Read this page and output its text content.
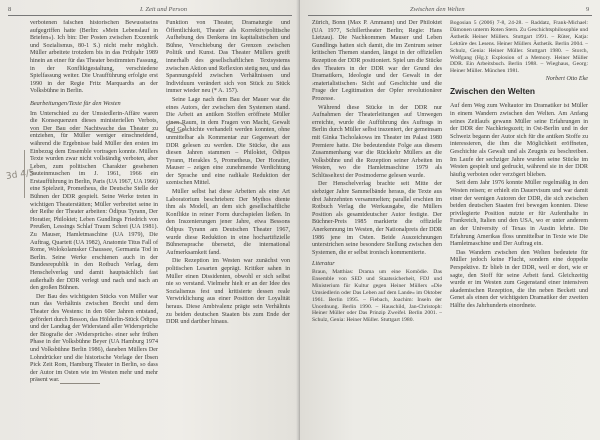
8	I. Zeit und Person

verbotenen falschen historischen Bewusstseins aufgegriffen hatte (Berlin: »Mein Lebenslauf in Briefen«). Ich bin: Der Posten zwischen Exzentrik und Sozialismus, 80-1 S.) nicht mehr möglich. Müller arbeitete trotzdem bis in das Frühjahr 1989 hinein an einer für das Theater bestimmten Fassung, in der Konfliktgestaltung, verschiedene Spielfassung weiter. Die Uraufführung erfolgte erst 1990 in der Regie Fritz Marquardts an der Volksbühne in Berlin.

Bearbeitungen/Texte für den Westen

Im Unterschied zu der Umsiedlerin-Affäre waren die Konsequenzen dieses ministeriellen Verbots, von Der Bau oder Nachtwache das Theater zu entziehen, für Müller weniger einschneidend, während die Ergebnisse bald Müller den ersten im Einbezug dem Ensemble vortragen konnte. Müllers Texte wurden zwar nicht vollständig verboten, aber Leben, zum politischen Charakter gesehenen Sauteinmuschen im J. 1961, 1966 ein Erstaufführung in Berlin, Paris (UA 1967, UA 1966) eine Spielzeit, Prometheus, die Deutsche Stelle der Bühnen der DDR gespielt. Seine Werke treten in wichtigen Theaterstätten; Müller verbreitet seine in der Reihe der Theater arbeiten: Ödipus Tyrann, Der Horatier, Philoktet; Leben Gundlings Friedrich von Preußen, Lessings Schlaf Traum Schrei (UA 1981). Zu Mauser, Hamletmaschine (UA 1979), Die Auftrag, Quartett (UA 1982), Anatomie Titus Fall of Rome, Wolokolamsker Chaussee, Germania Tod in Berlin. Seine Werke erschienen auch in der Bundesrepublik in den Rotbuch Verlag, dem Henschelverlag und damit hauptsächlich fast außerhalb der DDR verlegt und nach und nach an den großen Bühnen.

Der Bau des wichtigsten Stücks von Müller war nun das Verhältnis zwischen Brecht und dem Theater des Westens: in den 60er Jahren entstand, gefördert durch Besson, das Hölderlin-Stück Ödipus und der Landtag der Widerstand aller Widersprüche der Biografie der ›Widersprüche‹ einer sehr frühen Phase in der Volksbühne Beyer (UA Hamburg 1974 und Volksbühne Berlin 1986), daneben Müllers Der Lohndrücker und die historische Vorlage der Ibsen Pick Zeit Rom, Hamburg Theater in Berlin, so dass der Autor im Osten wie im Westen mehr und mehr präsent war.

Funktion von Theater, Dramaturgie und Öffentlichkeit, Theater als Korrektiv/politische Aufhebung des Denkens im kapitalistischen und Bühne, Verschiebung der Grenzen zwischen Politik und Kunst. Das Theater Müllers greift innerhalb des gesellschaftlichen Textsystems zwischen Aktion und Reflexion stetig neu, und das Spannungsfeld zwischen Verhältnissen und Individuum verändert sich von Stück zu Stück immer wieder neu (* A. 157).

Seine Lage nach dem Bau der Mauer war die eines Autors, der zwischen den Systemen stand. Die Arbeit an antiken Stoffen eröffnete Müller einen Raum, in dem Fragen von Macht, Gewalt und Geschichte verhandelt werden konnten, ohne unmittelbar als Kommentar zur Gegenwart der DDR gelesen zu werden. Die Stücke, die aus diesen Jahren stammen – Philoktet, Ödipus Tyrann, Herakles 5, Prometheus, Der Horatier, Mauser – zeigen eine zunehmende Verdichtung der Sprache und eine radikale Reduktion der szenischen Mittel.

Müller selbst hat diese Arbeiten als eine Art Laboratorium beschrieben: Der Mythos diente ihm als Modell, an dem sich gesellschaftliche Konflikte in reiner Form durchspielen ließen. In den Inszenierungen jener Jahre, etwa Bessons Ödipus Tyrann am Deutschen Theater 1967, wurde diese Reduktion in eine hochartifizielle Bühnensprache übersetzt, die international Aufmerksamkeit fand.

Die Rezeption im Westen war zunächst von politischen Lesarten geprägt. Kritiker sahen in Müller einen Dissidenten, obwohl er sich selbst nie so verstand. Vielmehr hielt er an der Idee des Sozialismus fest und kritisierte dessen reale Verwirklichung aus einer Position der Loyalität heraus. Diese Ambivalenz prägte sein Verhältnis zu beiden deutschen Staaten bis zum Ende der DDR und darüber hinaus.

3d 4/5
Zwischen den Welten	9

Zürich, Bonn (Max P. Ammann) und Der Philoktet (UA 1977, Schillertheater Berlin; Regie: Hans Lietzau). Die Nachkommen Mauser und Leben Gundlings hatten sich damit, die im Zentrum seiner kritischen Themen standen, längst in der offiziellen Rezeption der DDR positioniert. Spiel um die Stücke des Theaters in der DDR war der Grund des Dramatikers, Ideologie und der Gewalt in der ›materialistischen‹ Sicht auf Geschichte und die Frage der Legitimation der Opfer revolutionärer Prozesse.

Während diese Stücke in der DDR nur Aufnahmen der Theaterleitungen auf Umwegen erreichte, wurde die Aufführung des Auftrags in Berlin durch Müller selbst inszeniert, der gemeinsam mit Ginka Tscholakowa im Theater im Palast 1980 Premiere hatte. Die bedeutendste Folge aus diesem Zusammenhang war die Rückkehr Müllers an die Volksbühne und die Rezeption seiner Arbeiten im Westen, wo die Hamletmaschine 1979 als Schlüsseltext der Postmoderne gelesen wurde.

Der Henschelverlag brachte seit Mitte der siebziger Jahre Sammelbände heraus, die Texte aus drei Jahrzehnten versammelten; parallel erschien im Rotbuch Verlag die Werkausgabe, die Müllers Position als gesamtdeutscher Autor festigte. Der Büchner-Preis 1985 markierte die offizielle Anerkennung im Westen, der Nationalpreis der DDR 1986 jene im Osten. Beide Auszeichnungen unterstrichen seine besondere Stellung zwischen den Systemen, die er selbst ironisch kommentierte.

Literatur

Braun, Matthias: Drama um eine Komödie. Das Ensemble von SED und Staatssicherheit, FDJ und Ministerium für Kultur gegen Heiner Müllers »Die Umsiedlerin oder Das Leben auf dem Lande« im Oktober 1961. Berlin 1995. – Fiebach, Joachim: Inseln der Unordnung. Berlin 1990. – Hauschild, Jan-Christoph: Heiner Müller oder Das Prinzip Zweifel. Berlin 2001. – Schulz, Genia: Heiner Müller. Stuttgart 1980.

Bogosian 5 (2006) 7-8, 24-28. – Raddatz, Frank-Michael: Dämonen unterm Roten Stern. Zu Geschichtsphilosophie und Ästhetik Heiner Müllers. Stuttgart 1991. – Rüter, Katja: Lektüre des Lesens. Heiner Müllers Ästhetik. Berlin 2004. – Schulz, Genia: Heiner Müller. Stuttgart 1980. – Storch, Wolfgang (Hg.): Explosion of a Memory. Heiner Müller DDR. Ein Arbeitsbuch. Berlin 1988. – Wieghaus, Georg: Heiner Müller. München 1981.

Norbert Otto Eke

Zwischen den Welten

Auf dem Weg zum Weltautor im Dramatiker ist Müller in einem Wandern zwischen den Welten. Am Anfang seines Zeitlaufs gewann Müller seine Erfahrungen in der DDR der Nachkriegszeit; in Ost-Berlin und in der Schweiz begann der Autor sich für die antiken Stoffe zu interessieren, die ihm die Möglichkeit eröffneten, Geschichte als Gewalt und als Zeugnis zu beschreiben. Im Laufe der sechziger Jahre wurden seine Stücke im Westen gespielt und gedruckt, während sie in der DDR häufig verboten oder verzögert blieben.

Seit dem Jahr 1976 konnte Müller regelmäßig in den Westen reisen; er erhielt ein Dauervisum und war damit einer der wenigen Autoren der DDR, die sich zwischen beiden deutschen Staaten frei bewegen konnten. Diese privilegierte Position nutzte er für Aufenthalte in Frankreich, Italien und den USA, wo er unter anderem an der University of Texas in Austin lehrte. Die Erfahrung Amerikas floss unmittelbar in Texte wie Die Hamletmaschine und Der Auftrag ein.

Das Wandern zwischen den Welten bedeutete für Müller jedoch keine Flucht, sondern eine doppelte Perspektive. Er blieb in der DDR, weil er dort, wie er sagte, den Stoff für seine Arbeit fand. Gleichzeitig wurde er im Westen zum Gegenstand einer intensiven akademischen Rezeption, die ihn neben Beckett und Genet als einen der wichtigsten Dramatiker der zweiten Hälfte des Jahrhunderts einordnete.
